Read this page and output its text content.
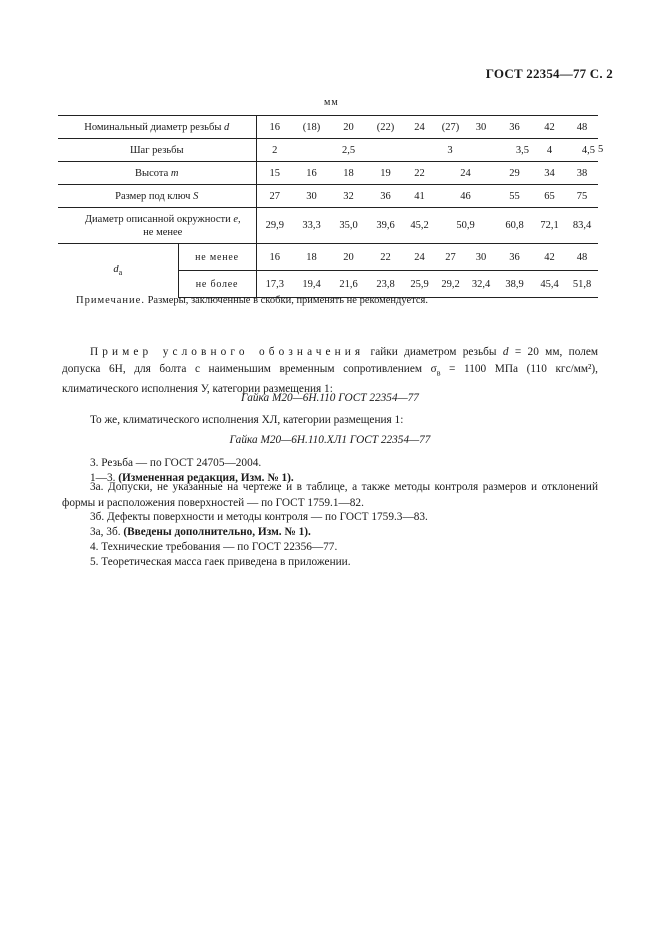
ГОСТ 22354—77 С. 2
мм
Номинальный диаметр резьбы d		16	(18)	20	(22)	24	(27)	30	36	42	48	
Шаг резьбы		2	2,5			3			3,5	4	4,5	5
Высота m		15	16	18	19	22	24		29	34	38	
Размер под ключ S		27	30	32	36	41	46		55	65	75	
Диаметр описанной окружности e,
не менее		29,9	33,3	35,0	39,6	45,2	50,9		60,8	72,1	83,4	
$d_a$	не менее	16	18	20	22	24	27	30	36	42	48	
	не более	17,3	19,4	21,6	23,8	25,9	29,2	32,4	38,9	45,4	51,8	
Примечание. Размеры, заключенные в скобки, применять не рекомендуется.
Пример условного обозначения гайки диаметром резьбы d = 20 мм, полем допуска 6Н, для болта с наименьшим временным сопротивлением $\sigma_в = 1100$ МПа (110 кгс/мм²), климатического исполнения У, категории размещения 1:
Гайка М20—6Н.110 ГОСТ 22354—77
То же, климатического исполнения ХЛ, категории размещения 1:
Гайка М20—6Н.110.ХЛ1 ГОСТ 22354—77
3. Резьба — по ГОСТ 24705—2004.
1—3. (Измененная редакция, Изм. № 1).
3а. Допуски, не указанные на чертеже и в таблице, а также методы контроля размеров и отклонений формы и расположения поверхностей — по ГОСТ 1759.1—82.
3б. Дефекты поверхности и методы контроля — по ГОСТ 1759.3—83.
3а, 3б. (Введены дополнительно, Изм. № 1).
4. Технические требования — по ГОСТ 22356—77.
5. Теоретическая масса гаек приведена в приложении.
